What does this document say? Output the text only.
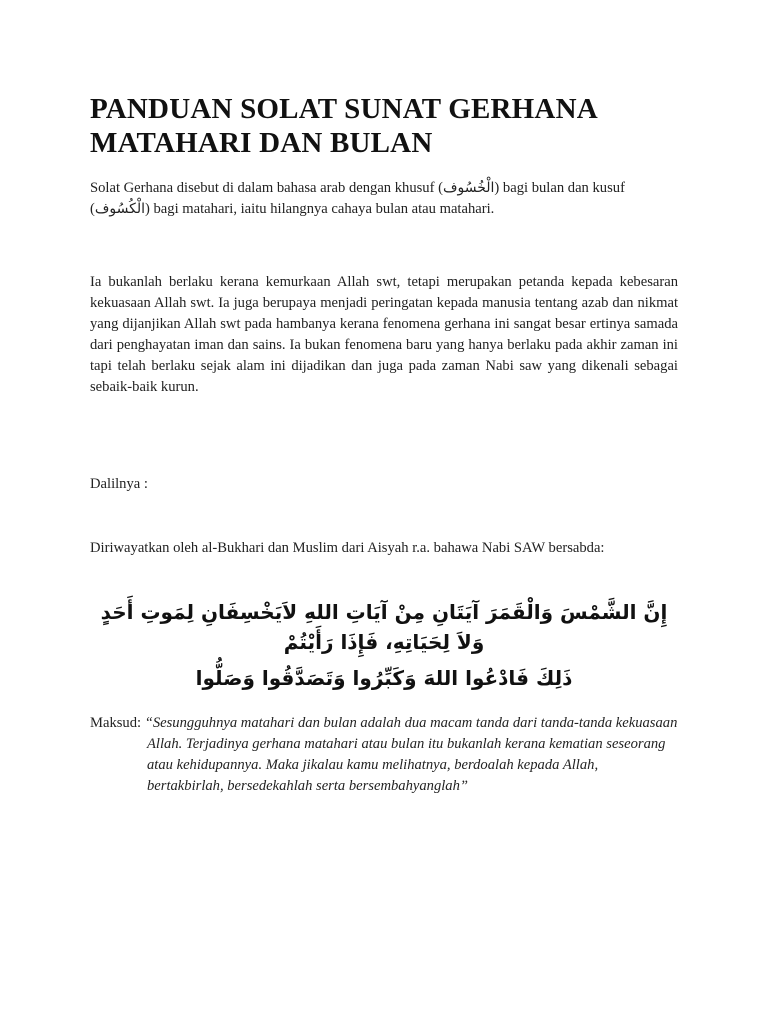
PANDUAN SOLAT SUNAT GERHANA MATAHARI DAN BULAN

Solat Gerhana disebut di dalam bahasa arab dengan khusuf (الْخُسُوف) bagi bulan dan kusuf (الْكُسُوف) bagi matahari, iaitu hilangnya cahaya bulan atau matahari.

Ia bukanlah berlaku kerana kemurkaan Allah swt, tetapi merupakan petanda kepada kebesaran kekuasaan Allah swt. Ia juga berupaya menjadi peringatan kepada manusia tentang azab dan nikmat yang dijanjikan Allah swt pada hambanya kerana fenomena gerhana ini sangat besar ertinya samada dari penghayatan iman dan sains. Ia bukan fenomena baru yang hanya berlaku pada akhir zaman ini tapi telah berlaku sejak alam ini dijadikan dan juga pada zaman Nabi saw yang dikenali sebagai sebaik-baik kurun.

Dalilnya :

Diriwayatkan oleh al-Bukhari dan Muslim dari Aisyah r.a. bahawa Nabi SAW bersabda:

إِنَّ الشَّمْسَ وَالْقَمَرَ آيَتَانِ مِنْ آيَاتِ اللهِ لاَيَخْسِفَانِ لِمَوتِ أَحَدٍ وَلاَ لِحَيَاتِهِ، فَإِذَا رَأَيْتُمْ

ذَلِكَ فَادْعُوا اللهَ وَكَبِّرُوا وَتَصَدَّقُوا وَصَلُّوا

Maksud: “Sesungguhnya matahari dan bulan adalah dua macam tanda dari tanda-tanda kekuasaan Allah. Terjadinya gerhana matahari atau bulan itu bukanlah kerana kematian seseorang atau kehidupannya. Maka jikalau kamu melihatnya, berdoalah kepada Allah, bertakbirlah, bersedekahlah serta bersembahyanglah”
